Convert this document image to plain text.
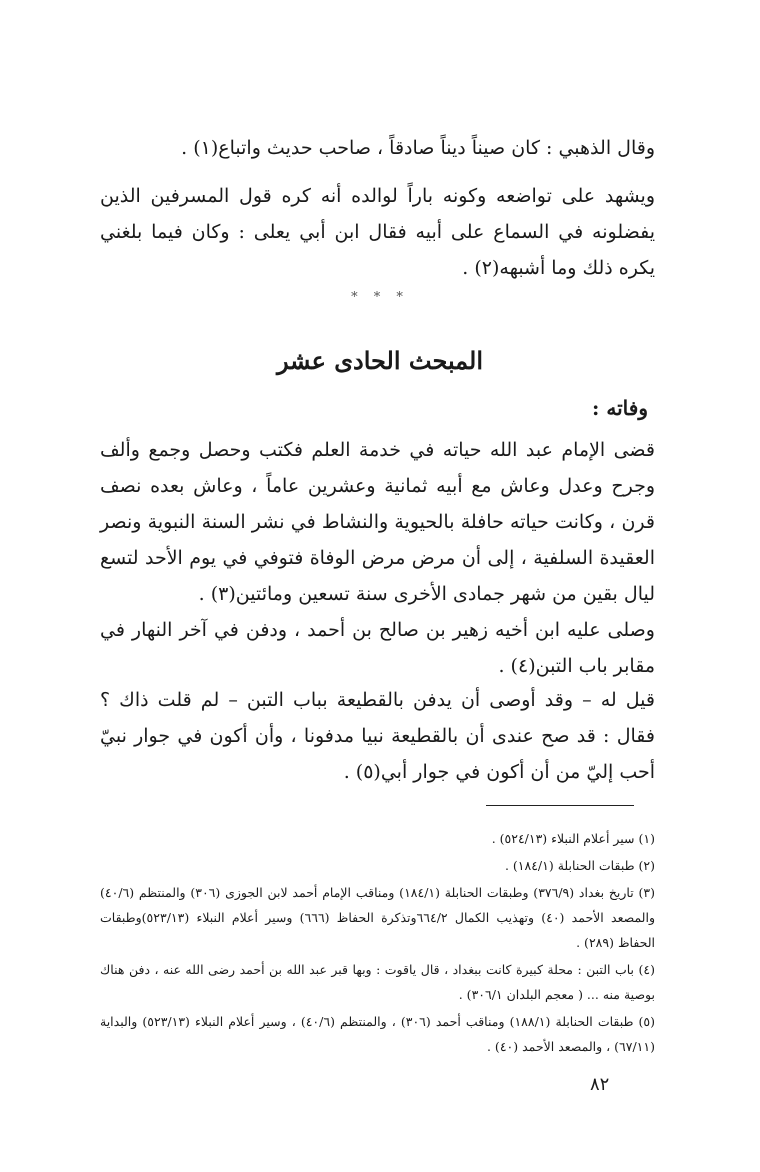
وقال الذهبي : كان صيناً ديناً صادقاً ، صاحب حديث واتباع(١) .

ويشهد على تواضعه وكونه باراً لوالده أنه كره قول المسرفين الذين يفضلونه في السماع على أبيه فقال ابن أبي يعلى : وكان فيما بلغني يكره ذلك وما أشبهه(٢) .

* * *
المبحث الحادى عشر
وفاته :

قضى الإمام عبد الله حياته في خدمة العلم فكتب وحصل وجمع وألف وجرح وعدل وعاش مع أبيه ثمانية وعشرين عاماً ، وعاش بعده نصف قرن ، وكانت حياته حافلة بالحيوية والنشاط في نشر السنة النبوية ونصر العقيدة السلفية ، إلى أن مرض مرض الوفاة فتوفي في يوم الأحد لتسع ليال بقين من شهر جمادى الأخرى سنة تسعين ومائتين(٣) .

وصلى عليه ابن أخيه زهير بن صالح بن أحمد ، ودفن في آخر النهار في مقابر باب التبن(٤) .

قيل له – وقد أوصى أن يدفن بالقطيعة بباب التبن – لم قلت ذاك ؟ فقال : قد صح عندى أن بالقطيعة نبيا مدفونا ، وأن أكون في جوار نبيّ أحب إليّ من أن أكون في جوار أبي(٥) .

(١) سير أعلام النبلاء (٥٢٤/١٣) .

(٢) طبقات الحنابلة (١٨٤/١) .

(٣) تاريخ بغداد (٣٧٦/٩) وطبقات الحنابلة (١٨٤/١) ومناقب الإمام أحمد لابن الجوزى (٣٠٦) والمنتظم (٤٠/٦) والمصعد الأحمد (٤٠) وتهذيب الكمال ٦٦٤/٢وتذكرة الحفاظ (٦٦٦) وسير أعلام النبلاء (٥٢٣/١٣)وطبقات الحفاظ (٢٨٩) .

(٤) باب التبن : محلة كبيرة كانت ببغداد ، قال ياقوت : وبها قبر عبد الله بن أحمد رضى الله عنه ، دفن هناك بوصية منه ... ( معجم البلدان ٣٠٦/١) .

(٥) طبقات الحنابلة (١٨٨/١) ومناقب أحمد (٣٠٦) ، والمنتظم (٤٠/٦) ، وسير أعلام النبلاء (٥٢٣/١٣) والبداية (٦٧/١١) ، والمصعد الأحمد (٤٠) .

٨٢
